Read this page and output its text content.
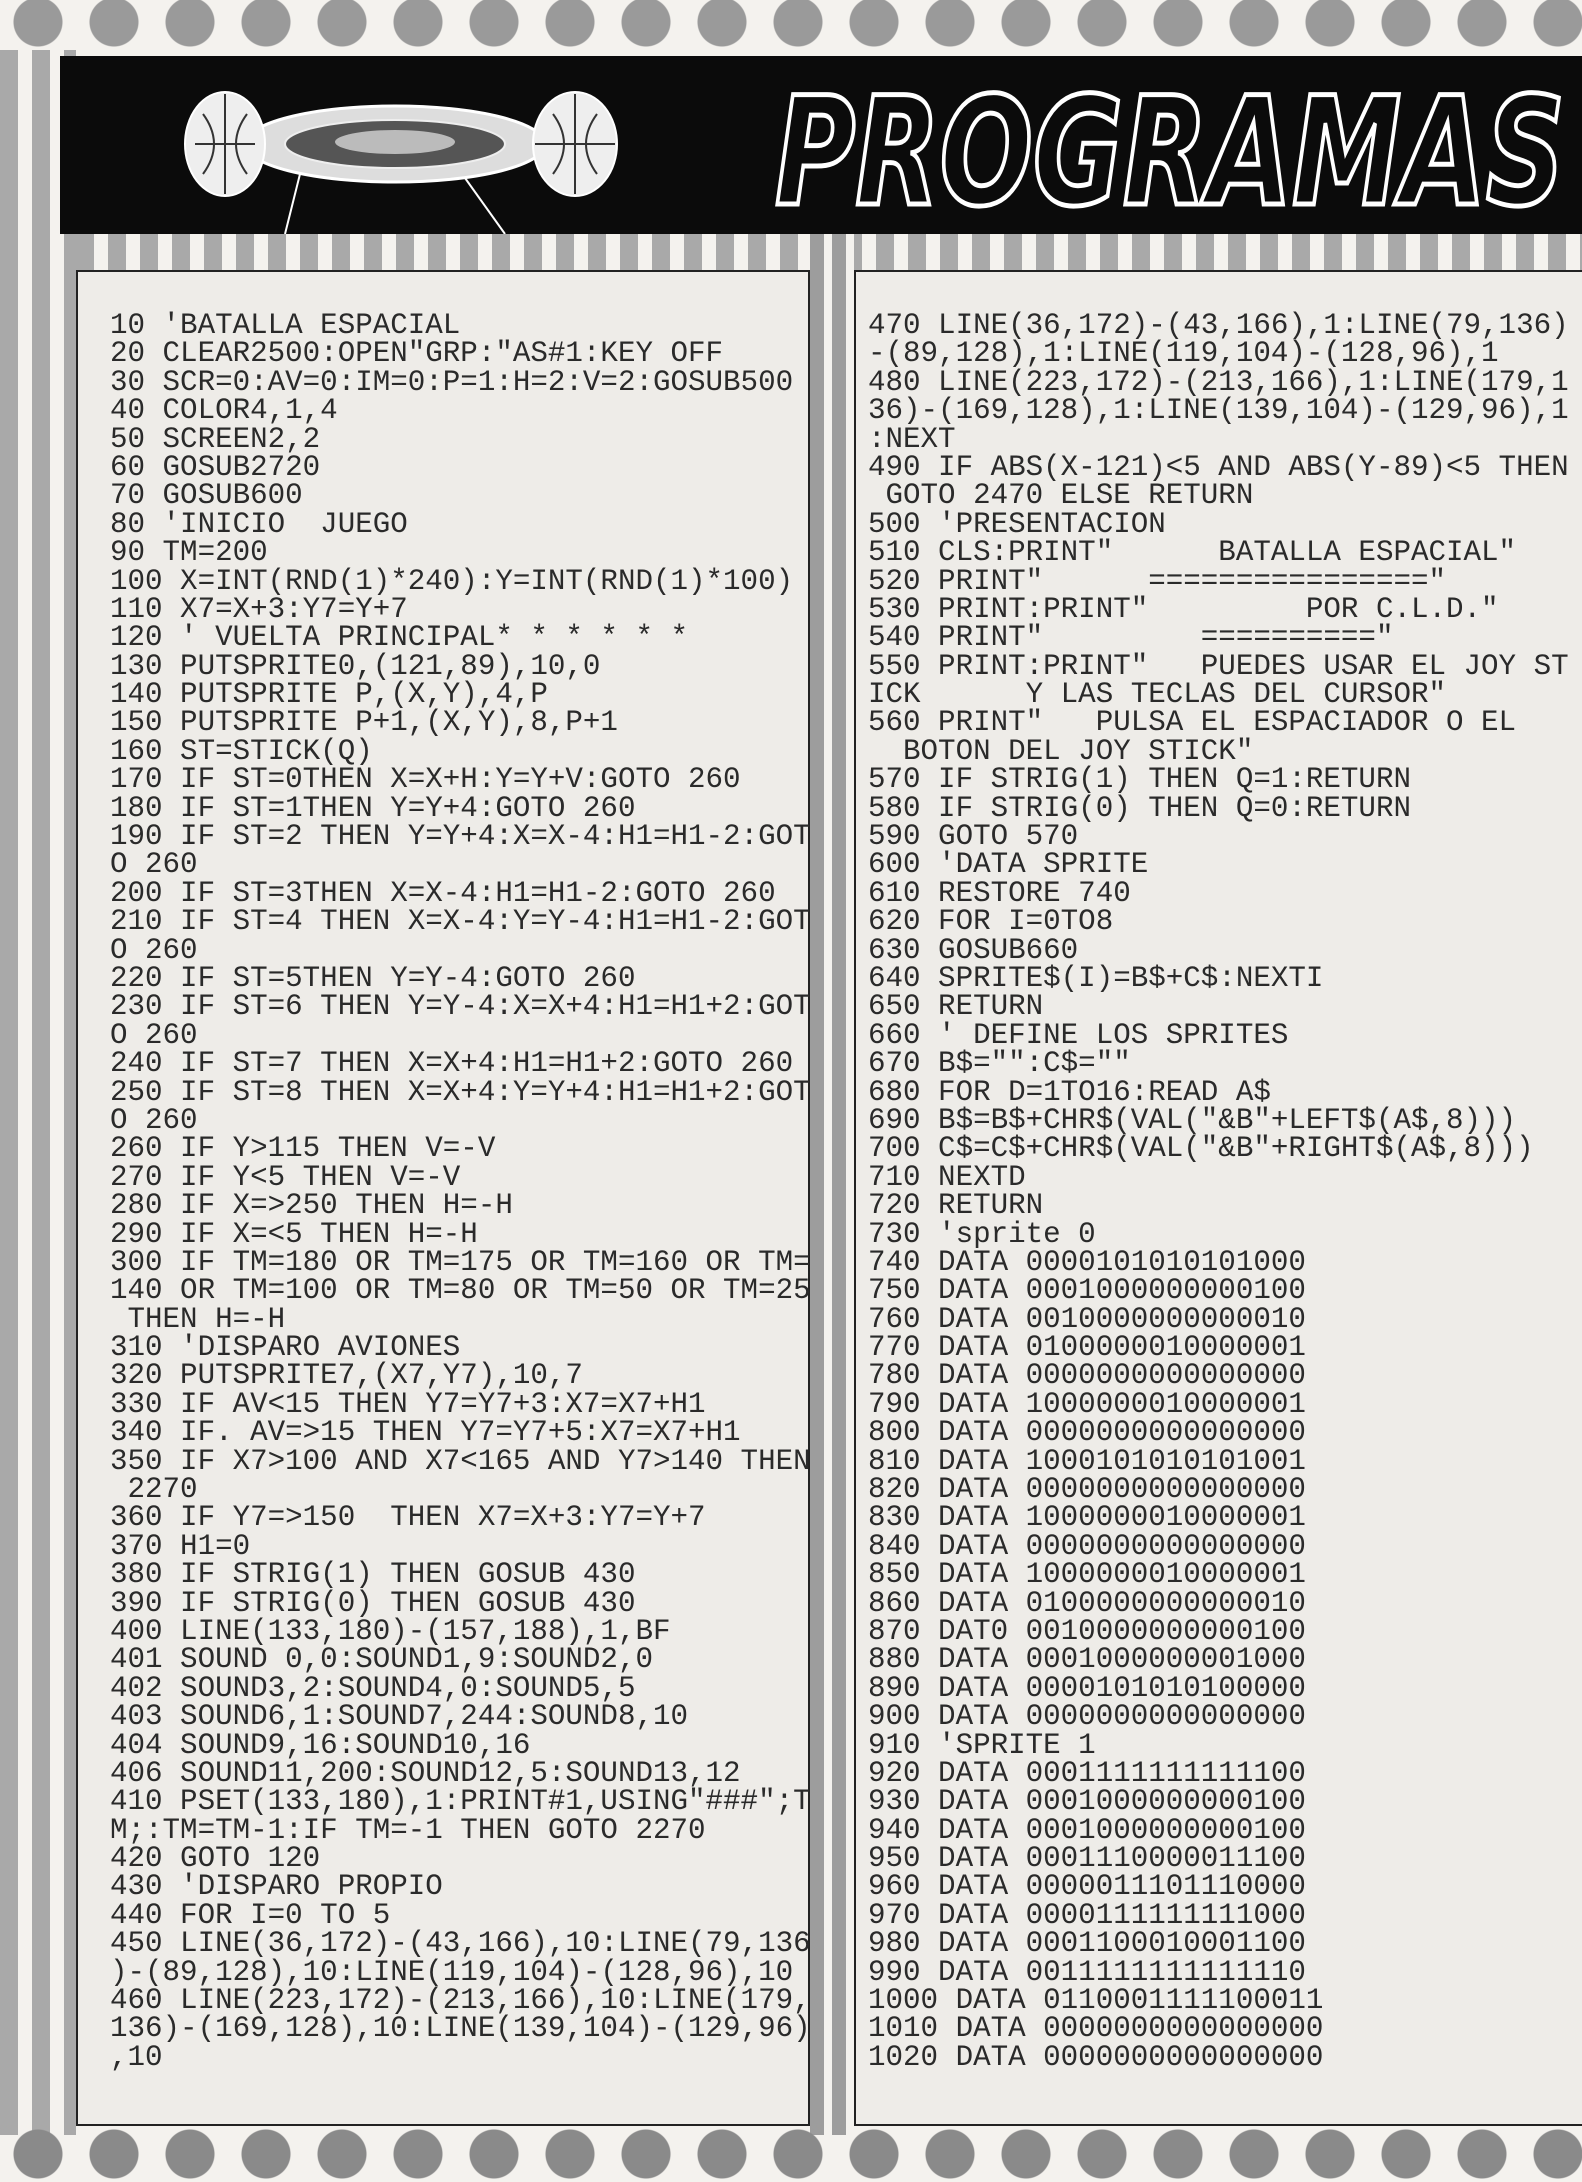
PROGRAMAS
10 'BATALLA ESPACIAL
20 CLEAR2500:OPEN"GRP:"AS#1:KEY OFF
30 SCR=0:AV=0:IM=0:P=1:H=2:V=2:GOSUB500
40 COLOR4,1,4
50 SCREEN2,2
60 GOSUB2720
70 GOSUB600
80 'INICIO  JUEGO
90 TM=200
100 X=INT(RND(1)*240):Y=INT(RND(1)*100)
110 X7=X+3:Y7=Y+7
120 ' VUELTA PRINCIPAL* * * * * *
130 PUTSPRITE0,(121,89),10,0
140 PUTSPRITE P,(X,Y),4,P
150 PUTSPRITE P+1,(X,Y),8,P+1
160 ST=STICK(Q)
170 IF ST=0THEN X=X+H:Y=Y+V:GOTO 260
180 IF ST=1THEN Y=Y+4:GOTO 260
190 IF ST=2 THEN Y=Y+4:X=X-4:H1=H1-2:GOT
O 260
200 IF ST=3THEN X=X-4:H1=H1-2:GOTO 260
210 IF ST=4 THEN X=X-4:Y=Y-4:H1=H1-2:GOT
O 260
220 IF ST=5THEN Y=Y-4:GOTO 260
230 IF ST=6 THEN Y=Y-4:X=X+4:H1=H1+2:GOT
O 260
240 IF ST=7 THEN X=X+4:H1=H1+2:GOTO 260
250 IF ST=8 THEN X=X+4:Y=Y+4:H1=H1+2:GOT
O 260
260 IF Y>115 THEN V=-V
270 IF Y<5 THEN V=-V
280 IF X=>250 THEN H=-H
290 IF X=<5 THEN H=-H
300 IF TM=180 OR TM=175 OR TM=160 OR TM=
140 OR TM=100 OR TM=80 OR TM=50 OR TM=25
THEN H=-H
310 'DISPARO AVIONES
320 PUTSPRITE7,(X7,Y7),10,7
330 IF AV<15 THEN Y7=Y7+3:X7=X7+H1
340 IF. AV=>15 THEN Y7=Y7+5:X7=X7+H1
350 IF X7>100 AND X7<165 AND Y7>140 THEN
2270
360 IF Y7=>150  THEN X7=X+3:Y7=Y+7
370 H1=0
380 IF STRIG(1) THEN GOSUB 430
390 IF STRIG(0) THEN GOSUB 430
400 LINE(133,180)-(157,188),1,BF
401 SOUND 0,0:SOUND1,9:SOUND2,0
402 SOUND3,2:SOUND4,0:SOUND5,5
403 SOUND6,1:SOUND7,244:SOUND8,10
404 SOUND9,16:SOUND10,16
406 SOUND11,200:SOUND12,5:SOUND13,12
410 PSET(133,180),1:PRINT#1,USING"###";T
M;:TM=TM-1:IF TM=-1 THEN GOTO 2270
420 GOTO 120
430 'DISPARO PROPIO
440 FOR I=0 TO 5
450 LINE(36,172)-(43,166),10:LINE(79,136
)-(89,128),10:LINE(119,104)-(128,96),10
460 LINE(223,172)-(213,166),10:LINE(179,
136)-(169,128),10:LINE(139,104)-(129,96)
,10
470 LINE(36,172)-(43,166),1:LINE(79,136)
-(89,128),1:LINE(119,104)-(128,96),1
480 LINE(223,172)-(213,166),1:LINE(179,1
36)-(169,128),1:LINE(139,104)-(129,96),1
:NEXT
490 IF ABS(X-121)<5 AND ABS(Y-89)<5 THEN
GOTO 2470 ELSE RETURN
500 'PRESENTACION
510 CLS:PRINT"      BATALLA ESPACIAL"
520 PRINT"      ================"
530 PRINT:PRINT"         POR C.L.D."
540 PRINT"         =========="
550 PRINT:PRINT"   PUEDES USAR EL JOY ST
ICK      Y LAS TECLAS DEL CURSOR"
560 PRINT"   PULSA EL ESPACIADOR O EL
BOTON DEL JOY STICK"
570 IF STRIG(1) THEN Q=1:RETURN
580 IF STRIG(0) THEN Q=0:RETURN
590 GOTO 570
600 'DATA SPRITE
610 RESTORE 740
620 FOR I=0TO8
630 GOSUB660
640 SPRITE$(I)=B$+C$:NEXTI
650 RETURN
660 ' DEFINE LOS SPRITES
670 B$="":C$=""
680 FOR D=1TO16:READ A$
690 B$=B$+CHR$(VAL("&B"+LEFT$(A$,8)))
700 C$=C$+CHR$(VAL("&B"+RIGHT$(A$,8)))
710 NEXTD
720 RETURN
730 'sprite 0
740 DATA 0000101010101000
750 DATA 0001000000000100
760 DATA 0010000000000010
770 DATA 0100000010000001
780 DATA 0000000000000000
790 DATA 1000000010000001
800 DATA 0000000000000000
810 DATA 1000101010101001
820 DATA 0000000000000000
830 DATA 1000000010000001
840 DATA 0000000000000000
850 DATA 1000000010000001
860 DATA 0100000000000010
870 DAT0 0010000000000100
880 DATA 0001000000001000
890 DATA 0000101010100000
900 DATA 0000000000000000
910 'SPRITE 1
920 DATA 0001111111111100
930 DATA 0001000000000100
940 DATA 0001000000000100
950 DATA 0001110000011100
960 DATA 0000011101110000
970 DATA 0000111111111000
980 DATA 0001100010001100
990 DATA 0011111111111110
1000 DATA 0110001111100011
1010 DATA 0000000000000000
1020 DATA 0000000000000000
